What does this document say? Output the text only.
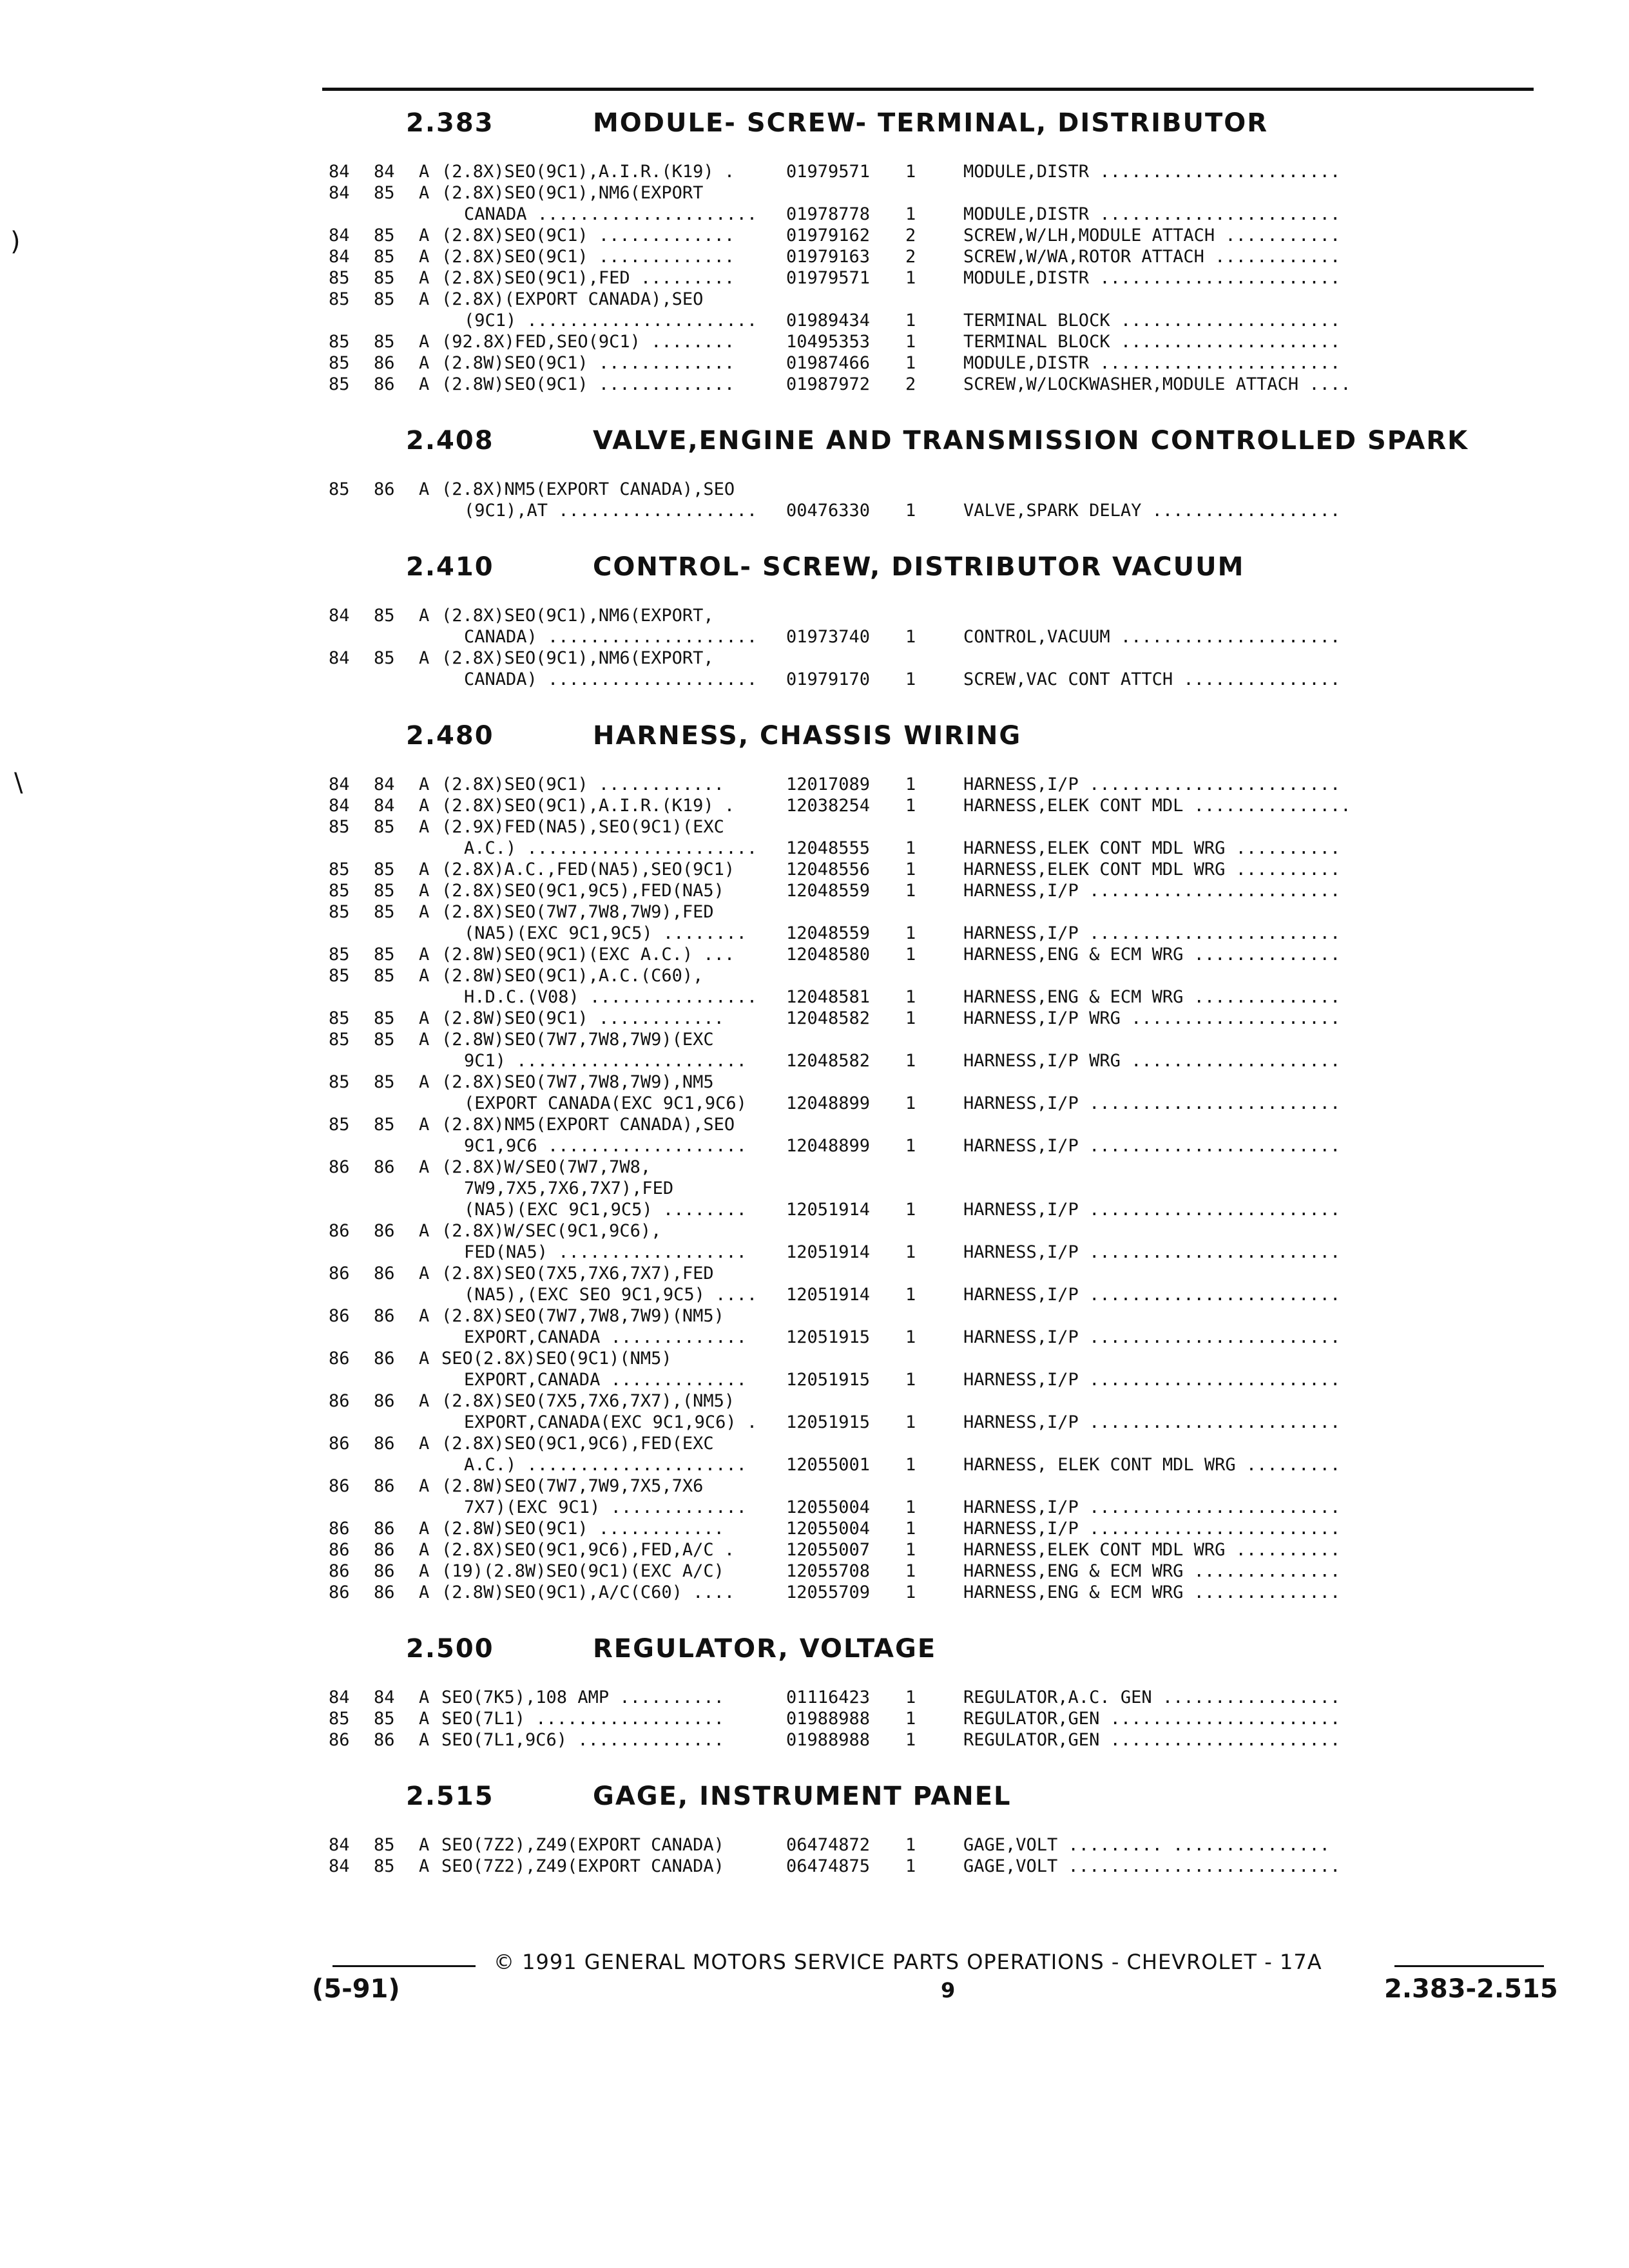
)
\
2.383	MODULE- SCREW- TERMINAL, DISTRIBUTOR
84 84 A (2.8X)SEO(9C1),A.I.R.(K19) .	01979571 1	MODULE,DISTR .......................
84 85 A (2.8X)SEO(9C1),NM6(EXPORT
CANADA .....................	01978778 1	MODULE,DISTR .......................
84 85 A (2.8X)SEO(9C1) .............	01979162 2	SCREW,W/LH,MODULE ATTACH ...........
84 85 A (2.8X)SEO(9C1) .............	01979163 2	SCREW,W/WA,ROTOR ATTACH ............
85 85 A (2.8X)SEO(9C1),FED .........	01979571 1	MODULE,DISTR .......................
85 85 A (2.8X)(EXPORT CANADA),SEO
(9C1) ......................	01989434 1	TERMINAL BLOCK .....................
85 85 A (92.8X)FED,SEO(9C1) ........	10495353 1	TERMINAL BLOCK .....................
85 86 A (2.8W)SEO(9C1) .............	01987466 1	MODULE,DISTR .......................
85 86 A (2.8W)SEO(9C1) .............	01987972 2	SCREW,W/LOCKWASHER,MODULE ATTACH ....
2.408	VALVE,ENGINE AND TRANSMISSION CONTROLLED SPARK
85 86 A (2.8X)NM5(EXPORT CANADA),SEO
(9C1),AT ...................	00476330 1	VALVE,SPARK DELAY ..................
2.410	CONTROL- SCREW, DISTRIBUTOR VACUUM
84 85 A (2.8X)SEO(9C1),NM6(EXPORT,
CANADA) ....................	01973740 1	CONTROL,VACUUM .....................
84 85 A (2.8X)SEO(9C1),NM6(EXPORT,
CANADA) ....................	01979170 1	SCREW,VAC CONT ATTCH ...............
2.480	HARNESS, CHASSIS WIRING
84 84 A (2.8X)SEO(9C1) ............	12017089 1	HARNESS,I/P ........................
84 84 A (2.8X)SEO(9C1),A.I.R.(K19) .	12038254 1	HARNESS,ELEK CONT MDL ...............
85 85 A (2.9X)FED(NA5),SEO(9C1)(EXC
A.C.) ......................	12048555 1	HARNESS,ELEK CONT MDL WRG ..........
85 85 A (2.8X)A.C.,FED(NA5),SEO(9C1)	12048556 1	HARNESS,ELEK CONT MDL WRG ..........
85 85 A (2.8X)SEO(9C1,9C5),FED(NA5)	12048559 1	HARNESS,I/P ........................
85 85 A (2.8X)SEO(7W7,7W8,7W9),FED
(NA5)(EXC 9C1,9C5) ........	12048559 1	HARNESS,I/P ........................
85 85 A (2.8W)SEO(9C1)(EXC A.C.) ...	12048580 1	HARNESS,ENG & ECM WRG ..............
85 85 A (2.8W)SEO(9C1),A.C.(C60),
H.D.C.(V08) ................	12048581 1	HARNESS,ENG & ECM WRG ..............
85 85 A (2.8W)SEO(9C1) ............	12048582 1	HARNESS,I/P WRG ....................
85 85 A (2.8W)SEO(7W7,7W8,7W9)(EXC
9C1) ......................	12048582 1	HARNESS,I/P WRG ....................
85 85 A (2.8X)SEO(7W7,7W8,7W9),NM5
(EXPORT CANADA(EXC 9C1,9C6)	12048899 1	HARNESS,I/P ........................
85 85 A (2.8X)NM5(EXPORT CANADA),SEO
9C1,9C6 ...................	12048899 1	HARNESS,I/P ........................
86 86 A (2.8X)W/SEO(7W7,7W8,
7W9,7X5,7X6,7X7),FED
(NA5)(EXC 9C1,9C5) ........	12051914 1	HARNESS,I/P ........................
86 86 A (2.8X)W/SEC(9C1,9C6),
FED(NA5) ..................	12051914 1	HARNESS,I/P ........................
86 86 A (2.8X)SEO(7X5,7X6,7X7),FED
(NA5),(EXC SEO 9C1,9C5) ....	12051914 1	HARNESS,I/P ........................
86 86 A (2.8X)SEO(7W7,7W8,7W9)(NM5)
EXPORT,CANADA .............	12051915 1	HARNESS,I/P ........................
86 86 A SEO(2.8X)SEO(9C1)(NM5)
EXPORT,CANADA .............	12051915 1	HARNESS,I/P ........................
86 86 A (2.8X)SEO(7X5,7X6,7X7),(NM5)
EXPORT,CANADA(EXC 9C1,9C6) .	12051915 1	HARNESS,I/P ........................
86 86 A (2.8X)SEO(9C1,9C6),FED(EXC
A.C.) .....................	12055001 1	HARNESS, ELEK CONT MDL WRG .........
86 86 A (2.8W)SEO(7W7,7W9,7X5,7X6
7X7)(EXC 9C1) .............	12055004 1	HARNESS,I/P ........................
86 86 A (2.8W)SEO(9C1) ............	12055004 1	HARNESS,I/P ........................
86 86 A (2.8X)SEO(9C1,9C6),FED,A/C .	12055007 1	HARNESS,ELEK CONT MDL WRG ..........
86 86 A (19)(2.8W)SEO(9C1)(EXC A/C)	12055708 1	HARNESS,ENG & ECM WRG ..............
86 86 A (2.8W)SEO(9C1),A/C(C60) ....	12055709 1	HARNESS,ENG & ECM WRG ..............
2.500	REGULATOR, VOLTAGE
84 84 A SEO(7K5),108 AMP ..........	01116423 1	REGULATOR,A.C. GEN .................
85 85 A SEO(7L1) ..................	01988988 1	REGULATOR,GEN ......................
86 86 A SEO(7L1,9C6) ..............	01988988 1	REGULATOR,GEN ......................
2.515	GAGE, INSTRUMENT PANEL
84 85 A SEO(7Z2),Z49(EXPORT CANADA)	06474872 1	GAGE,VOLT ......... ...............
84 85 A SEO(7Z2),Z49(EXPORT CANADA)	06474875 1	GAGE,VOLT ..........................
© 1991 GENERAL MOTORS SERVICE PARTS OPERATIONS - CHEVROLET - 17A
(5-91)	9	2.383-2.515
